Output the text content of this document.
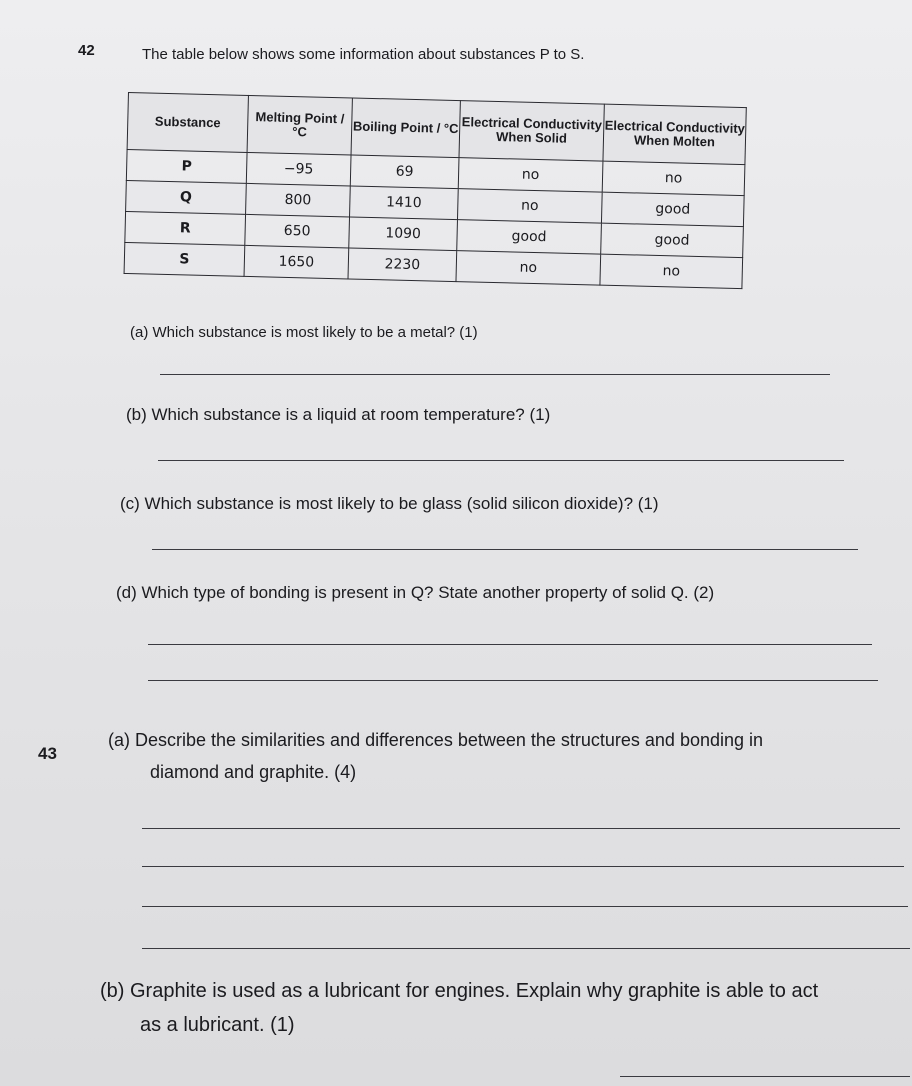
42	The table below shows some information about substances P to S.
Substance	Melting Point / °C	Boiling Point / °C	Electrical Conductivity When Solid	Electrical Conductivity When Molten
P	−95	69	no	no
Q	800	1410	no	good
R	650	1090	good	good
S	1650	2230	no	no
(a) Which substance is most likely to be a metal? (1)
(b) Which substance is a liquid at room temperature? (1)
(c) Which substance is most likely to be glass (solid silicon dioxide)? (1)
(d) Which type of bonding is present in Q? State another property of solid Q. (2)
43
(a) Describe the similarities and differences between the structures and bonding in
diamond and graphite. (4)
(b) Graphite is used as a lubricant for engines. Explain why graphite is able to act
as a lubricant. (1)
